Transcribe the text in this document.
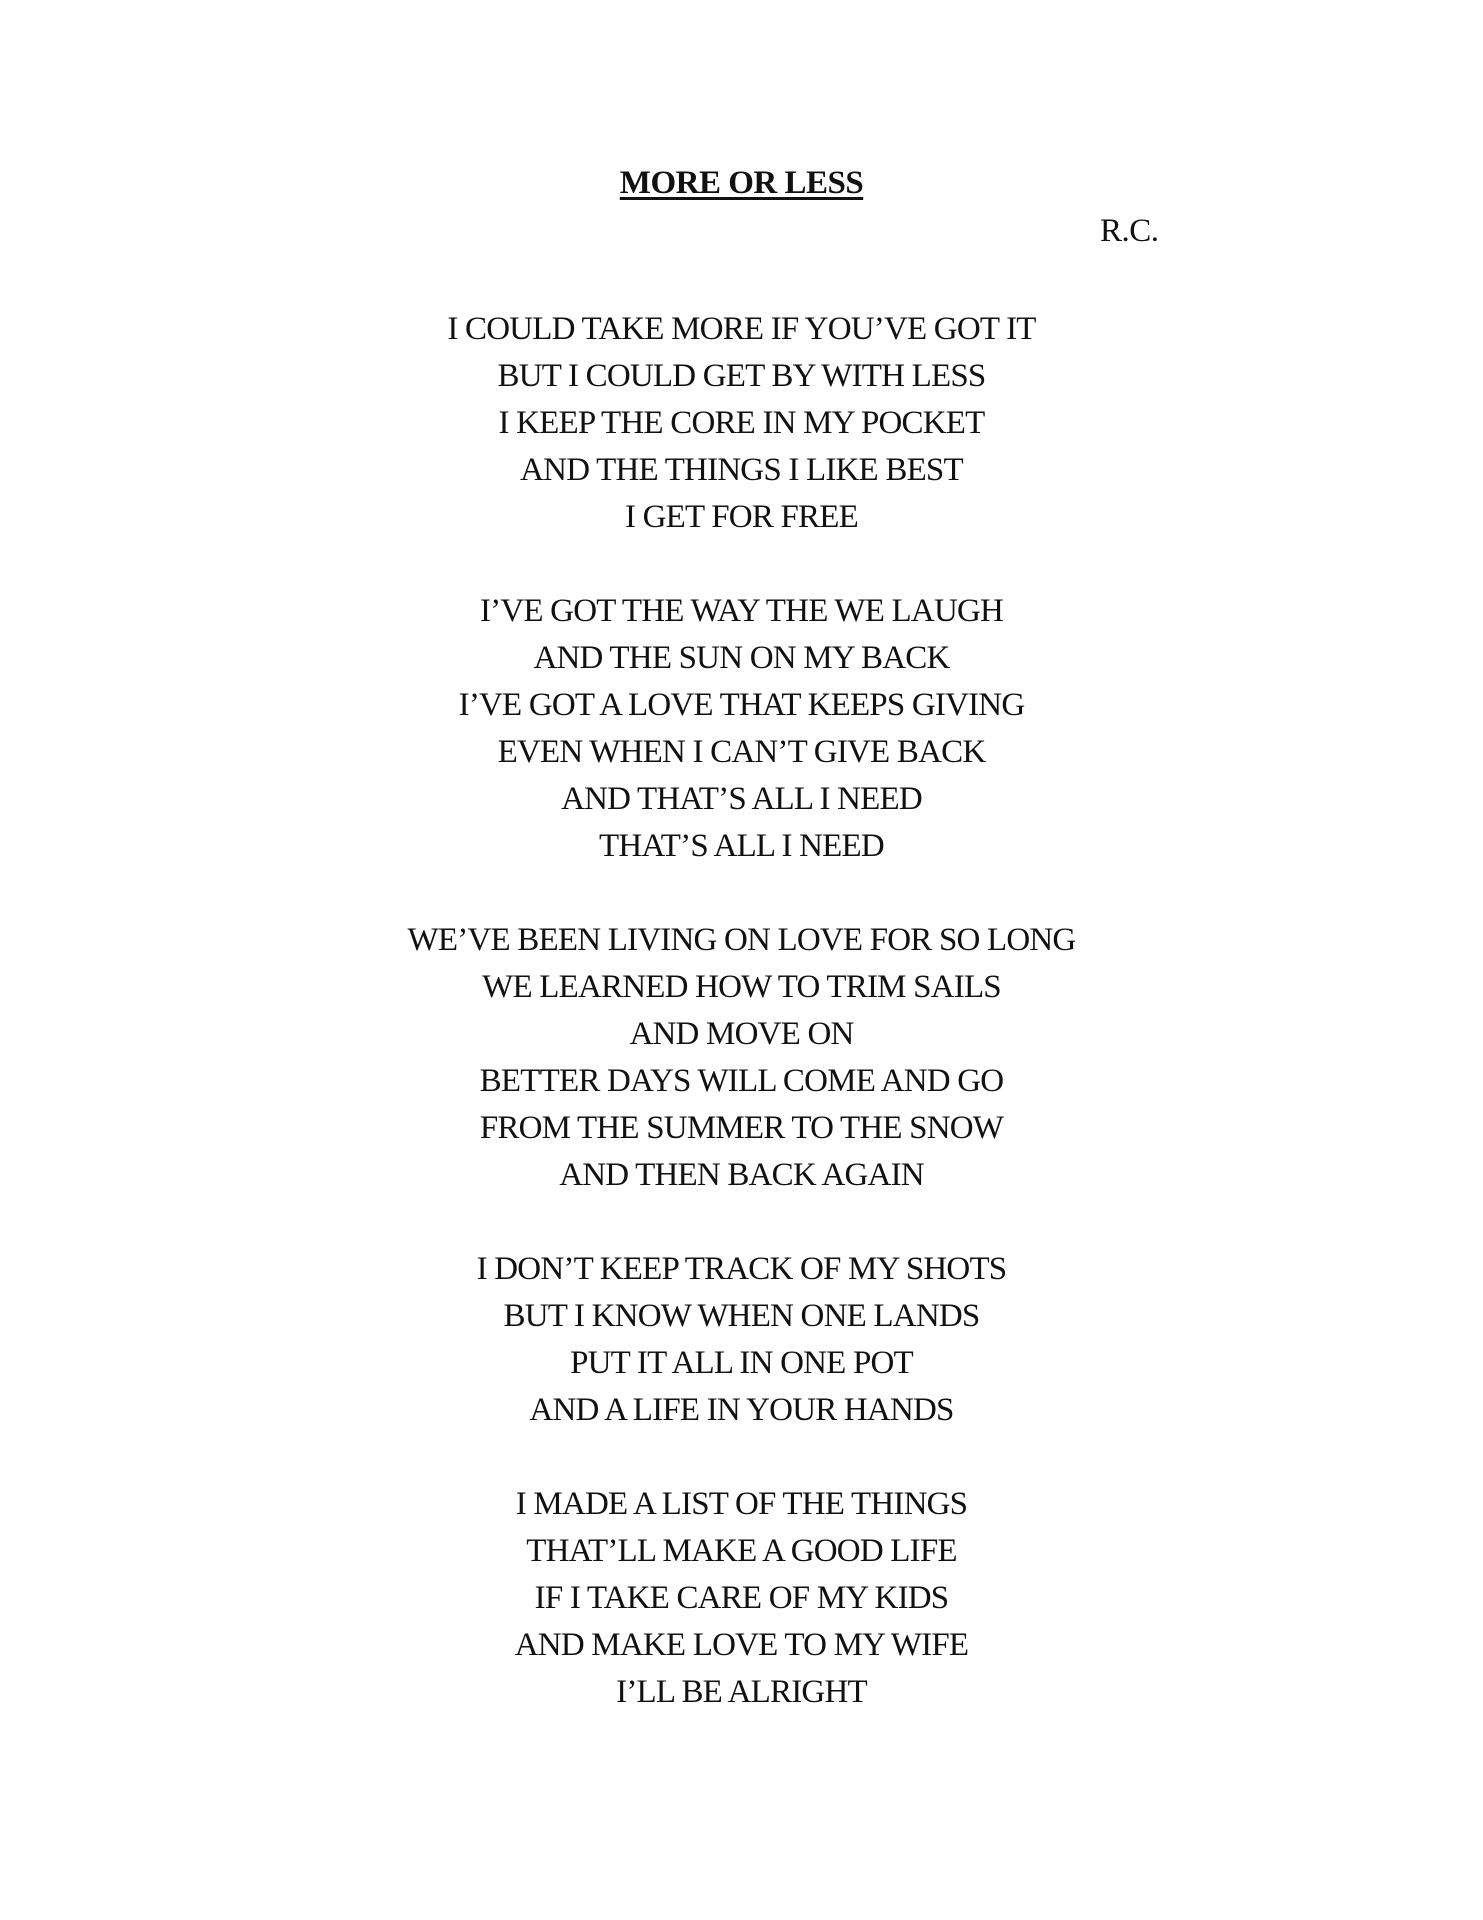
MORE OR LESS
R.C.
I COULD TAKE MORE IF YOU’VE GOT IT
BUT I COULD GET BY WITH LESS
I KEEP THE CORE IN MY POCKET
AND THE THINGS I LIKE BEST
I GET FOR FREE
I’VE GOT THE WAY THE WE LAUGH
AND THE SUN ON MY BACK
I’VE GOT A LOVE THAT KEEPS GIVING
EVEN WHEN I CAN’T GIVE BACK
AND THAT’S ALL I NEED
THAT’S ALL I NEED
WE’VE BEEN LIVING ON LOVE FOR SO LONG
WE LEARNED HOW TO TRIM SAILS
AND MOVE ON
BETTER DAYS WILL COME AND GO
FROM THE SUMMER TO THE SNOW
AND THEN BACK AGAIN
I DON’T KEEP TRACK OF MY SHOTS
BUT I KNOW WHEN ONE LANDS
PUT IT ALL IN ONE POT
AND A LIFE IN YOUR HANDS
I MADE A LIST OF THE THINGS
THAT’LL MAKE A GOOD LIFE
IF I TAKE CARE OF MY KIDS
AND MAKE LOVE TO MY WIFE
I’LL BE ALRIGHT
